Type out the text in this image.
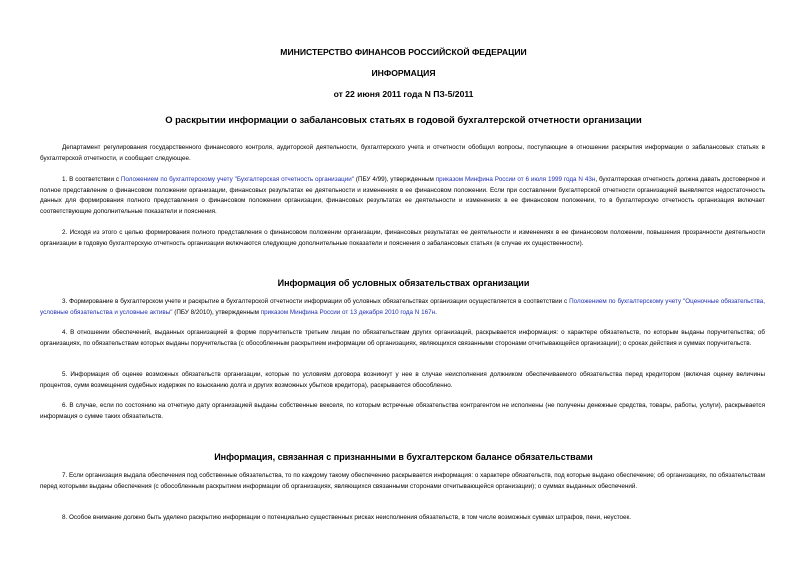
МИНИСТЕРСТВО ФИНАНСОВ РОССИЙСКОЙ ФЕДЕРАЦИИ
ИНФОРМАЦИЯ
от 22 июня 2011 года N ПЗ-5/2011
О раскрытии информации о забалансовых статьях в годовой бухгалтерской отчетности организации
Департамент регулирования государственного финансового контроля, аудиторской деятельности, бухгалтерского учета и отчетности обобщил вопросы, поступающие в отношении раскрытия информации о забалансовых статьях в бухгалтерской отчетности, и сообщает следующее.
1. В соответствии с Положением по бухгалтерскому учету "Бухгалтерская отчетность организации" (ПБУ 4/99), утвержденным приказом Минфина России от 6 июля 1999 года N 43н, бухгалтерская отчетность должна давать достоверное и полное представление о финансовом положении организации, финансовых результатах ее деятельности и изменениях в ее финансовом положении. Если при составлении бухгалтерской отчетности организацией выявляется недостаточность данных для формирования полного представления о финансовом положении организации, финансовых результатах ее деятельности и изменениях в ее финансовом положении, то в бухгалтерскую отчетность организация включает соответствующие дополнительные показатели и пояснения.
2. Исходя из этого с целью формирования полного представления о финансовом положении организации, финансовых результатах ее деятельности и изменениях в ее финансовом положении, повышения прозрачности деятельности организации в годовую бухгалтерскую отчетность организации включаются следующие дополнительные показатели и пояснения о забалансовых статьях (в случае их существенности).
Информация об условных обязательствах организации
3. Формирование в бухгалтерском учете и раскрытие в бухгалтерской отчетности информации об условных обязательствах организации осуществляется в соответствии с Положением по бухгалтерскому учету "Оценочные обязательства, условные обязательства и условные активы" (ПБУ 8/2010), утвержденным приказом Минфина России от 13 декабря 2010 года N 167н.
4. В отношении обеспечений, выданных организацией в форме поручительств третьим лицам по обязательствам других организаций, раскрывается информация: о характере обязательств, по которым выданы поручительства; об организациях, по обязательствам которых выданы поручительства (с обособленным раскрытием информации об организациях, являющихся связанными сторонами отчитывающейся организации); о сроках действия и суммах поручительств.
5. Информация об оценке возможных обязательств организации, которые по условиям договора возникнут у нее в случае неисполнения должником обеспечиваемого обязательства перед кредитором (включая оценку величины процентов, сумм возмещения судебных издержек по взысканию долга и других возможных убытков кредитора), раскрывается обособленно.
6. В случае, если по состоянию на отчетную дату организацией выданы собственные векселя, по которым встречные обязательства контрагентом не исполнены (не получены денежные средства, товары, работы, услуги), раскрывается информация о сумме таких обязательств.
Информация, связанная с признанными в бухгалтерском балансе обязательствами
7. Если организация выдала обеспечения под собственные обязательства, то по каждому такому обеспечению раскрывается информация: о характере обязательств, под которые выдано обеспечение; об организациях, по обязательствам перед которыми выданы обеспечения (с обособленным раскрытием информации об организациях, являющихся связанными сторонами отчитывающейся организации); о суммах выданных обеспечений.
8. Особое внимание должно быть уделено раскрытию информации о потенциально существенных рисках неисполнения обязательств, в том числе возможных суммах штрафов, пени, неустоек.
